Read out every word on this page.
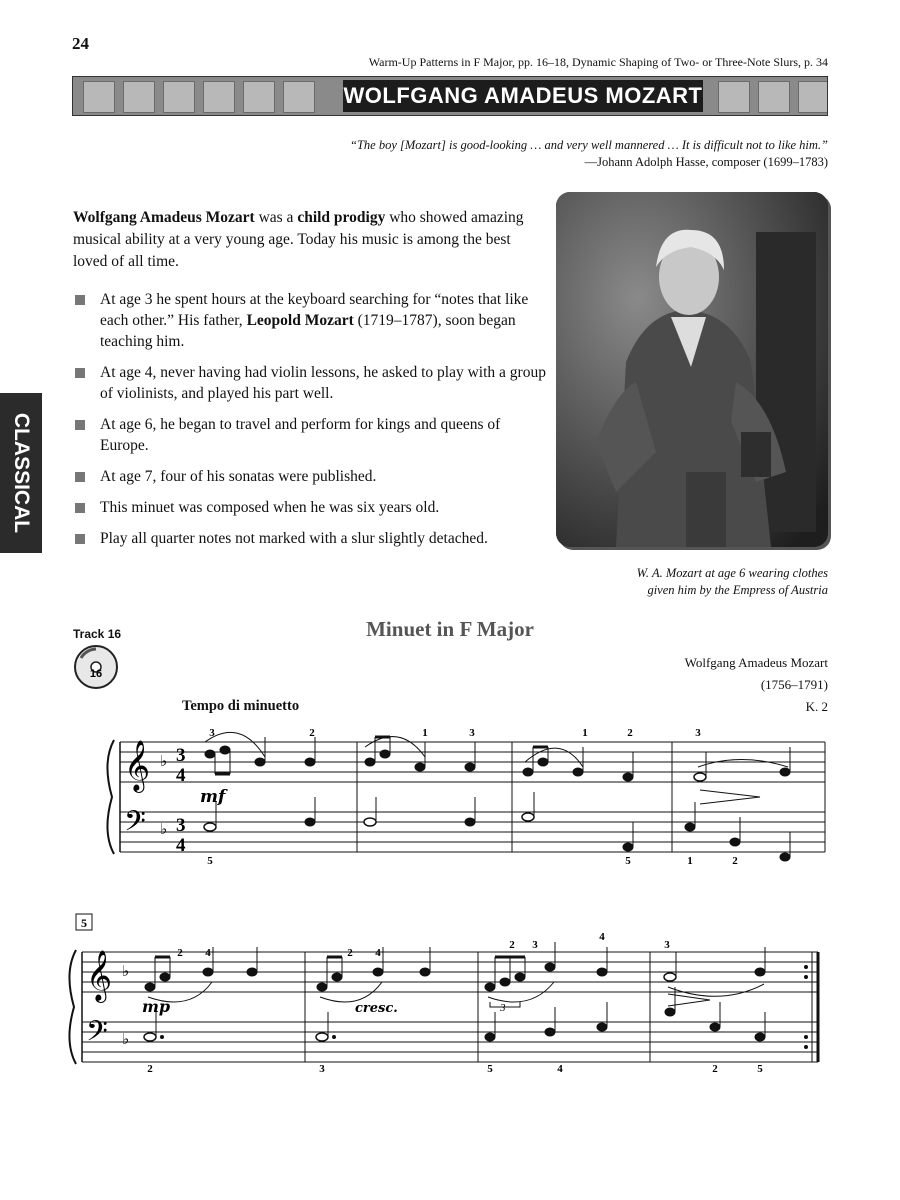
24
Warm-Up Patterns in F Major, pp. 16–18, Dynamic Shaping of Two- or Three-Note Slurs, p. 34
WOLFGANG AMADEUS MOZART
“The boy [Mozart] is good-looking … and very well mannered … It is difficult not to like him.”
—Johann Adolph Hasse, composer (1699–1783)
Wolfgang Amadeus Mozart was a child prodigy who showed amazing musical ability at a very young age. Today his music is among the best loved of all time.
At age 3 he spent hours at the keyboard searching for “notes that like each other.” His father, Leopold Mozart (1719–1787), soon began teaching him.
At age 4, never having had violin lessons, he asked to play with a group of violinists, and played his part well.
At age 6, he began to travel and perform for kings and queens of Europe.
At age 7, four of his sonatas were published.
This minuet was composed when he was six years old.
Play all quarter notes not marked with a slur slightly detached.
CLASSICAL
W. A. Mozart at age 6 wearing clothes
given him by the Empress of Austria
Track 16
16
Minuet in F Major
Wolfgang Amadeus Mozart
(1756–1791)
K. 2
Tempo di minuetto
𝄞
𝄢
♭
♭
3
4
3
4
mf
3	2	1	3	1	2	3
5	5	1	2
5
𝄞
𝄢
♭
♭
3
mp	cresc.
2 4	2 4
2 3
4
3
2	3	5	4	2	5
